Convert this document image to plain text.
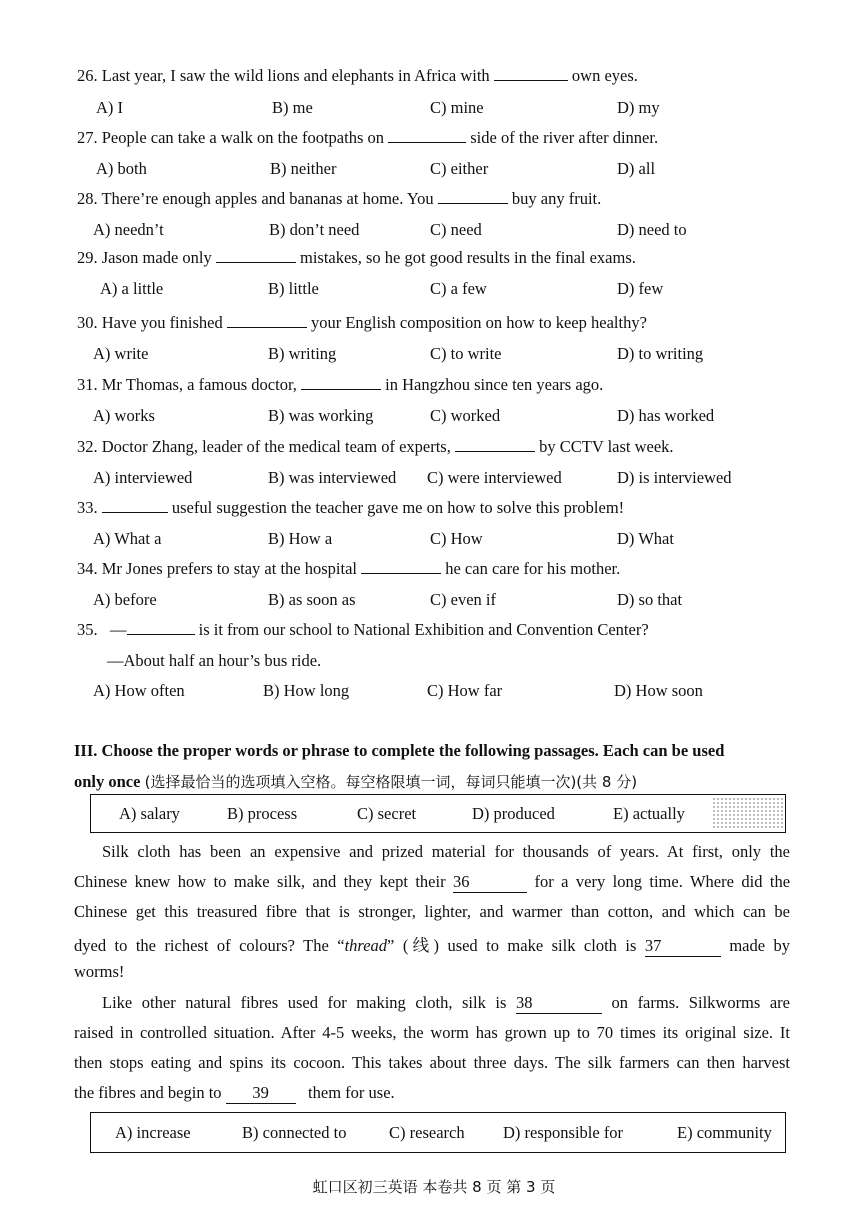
26. Last year, I saw the wild lions and elephants in Africa with	own eyes.
A) I	B) me	C) mine	D) my
27. People can take a walk on the footpaths on	side of the river after dinner.
A) both	B) neither	C) either	D) all
28. There’re enough apples and bananas at home. You	buy any fruit.
A) needn’t	B) don’t need	C) need	D) need to
29. Jason made only	mistakes, so he got good results in the final exams.
A) a little	B) little	C) a few	D) few
30. Have you finished	your English composition on how to keep healthy?
A) write	B) writing	C) to write	D) to writing
31. Mr Thomas, a famous doctor,	in Hangzhou since ten years ago.
A) works	B) was working	C) worked	D) has worked
32. Doctor Zhang, leader of the medical team of experts,	by CCTV last week.
A) interviewed	B) was interviewed C) were interviewed	D) is interviewed
33.	useful suggestion the teacher gave me on how to solve this problem!
A) What a	B) How a	C) How	D) What
34. Mr Jones prefers to stay at the hospital	he can care for his mother.
A) before	B) as soon as	C) even if	D) so that
35. —	is it from our school to National Exhibition and Convention Center?
—About half an hour’s bus ride.
A) How often	B) How long	C) How far	D) How soon
III. Choose the proper words or phrase to complete the following passages. Each can be used
only once (选择最恰当的选项填入空格。每空格限填一词，每词只能填一次)(共 8 分)
A) salary	B) process	C) secret	D) produced	E) actually
Silk cloth has been an expensive and prized material for thousands of years. At first, only the
Chinese knew how to make silk, and they kept their 36	for a very long time. Where did the
Chinese get this treasured fibre that is stronger, lighter, and warmer than cotton, and which can be
dyed to the richest of colours? The “thread” (线) used to make silk cloth is 37	made by
worms!
Like other natural fibres used for making cloth, silk is 38	on farms. Silkworms are
raised in controlled situation. After 4-5 weeks, the worm has grown up to 70 times its original size. It
then stops eating and spins its cocoon. This takes about three days. The silk farmers can then harvest
the fibres and begin to 39 them for use.
A) increase	B) connected to	C) research D) responsible for	E) community
虹口区初三英语 本卷共 8 页 第 3 页
